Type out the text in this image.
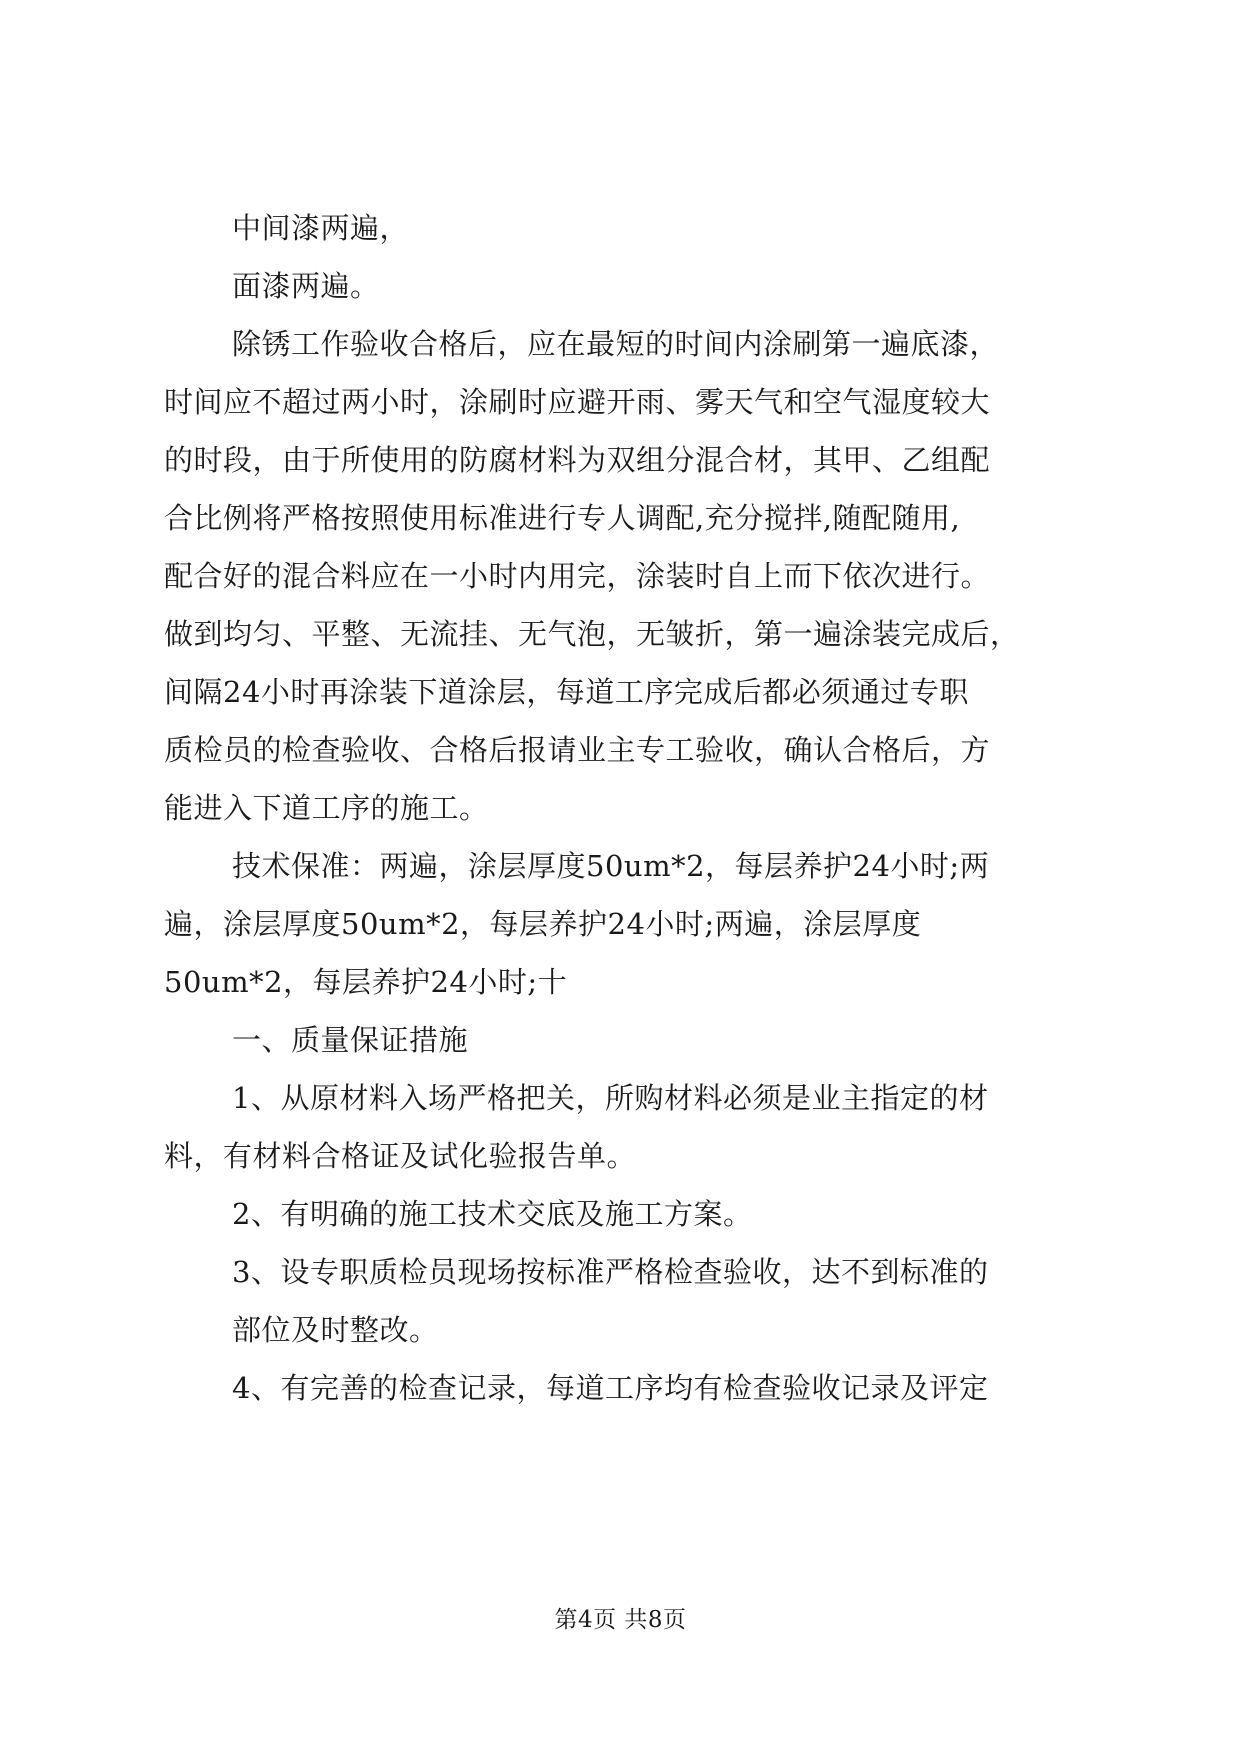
中间漆两遍，
面漆两遍。
除锈工作验收合格后，应在最短的时间内涂刷第一遍底漆，
时间应不超过两小时，涂刷时应避开雨、雾天气和空气湿度较大
的时段，由于所使用的防腐材料为双组分混合材，其甲、乙组配
合比例将严格按照使用标准进行专人调配,充分搅拌,随配随用,
配合好的混合料应在一小时内用完，涂装时自上而下依次进行。
做到均匀、平整、无流挂、无气泡，无皱折，第一遍涂装完成后，
间隔24小时再涂装下道涂层，每道工序完成后都必须通过专职
质检员的检查验收、合格后报请业主专工验收，确认合格后，方
能进入下道工序的施工。
技术保准：两遍，涂层厚度50um*2，每层养护24小时;两
遍，涂层厚度50um*2，每层养护24小时;两遍，涂层厚度
50um*2，每层养护24小时;十
一、质量保证措施
1、从原材料入场严格把关，所购材料必须是业主指定的材
料，有材料合格证及试化验报告单。
2、有明确的施工技术交底及施工方案。
3、设专职质检员现场按标准严格检查验收，达不到标准的
部位及时整改。
4、有完善的检查记录，每道工序均有检查验收记录及评定
第4页 共8页
